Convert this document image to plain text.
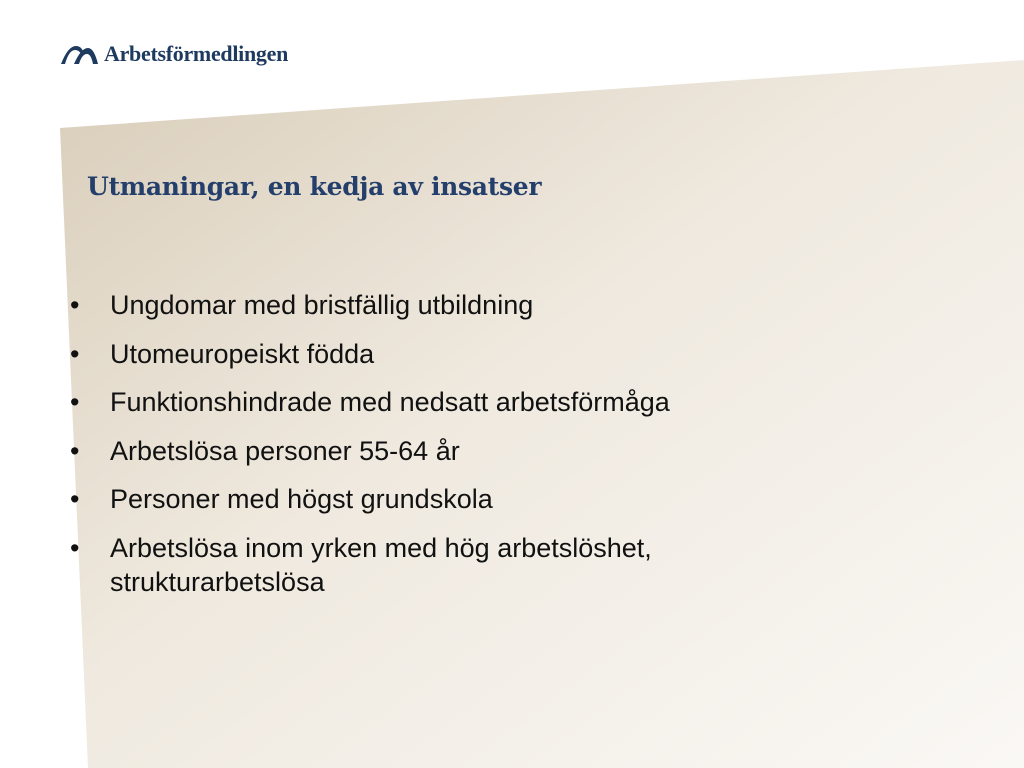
Arbetsförmedlingen
Utmaningar, en kedja av insatser
•	Ungdomar med bristfällig utbildning
•	Utomeuropeiskt födda
•	Funktionshindrade med nedsatt arbetsförmåga
•	Arbetslösa personer 55-64 år
•	Personer med högst grundskola
•	Arbetslösa inom yrken med hög arbetslöshet, strukturarbetslösa
